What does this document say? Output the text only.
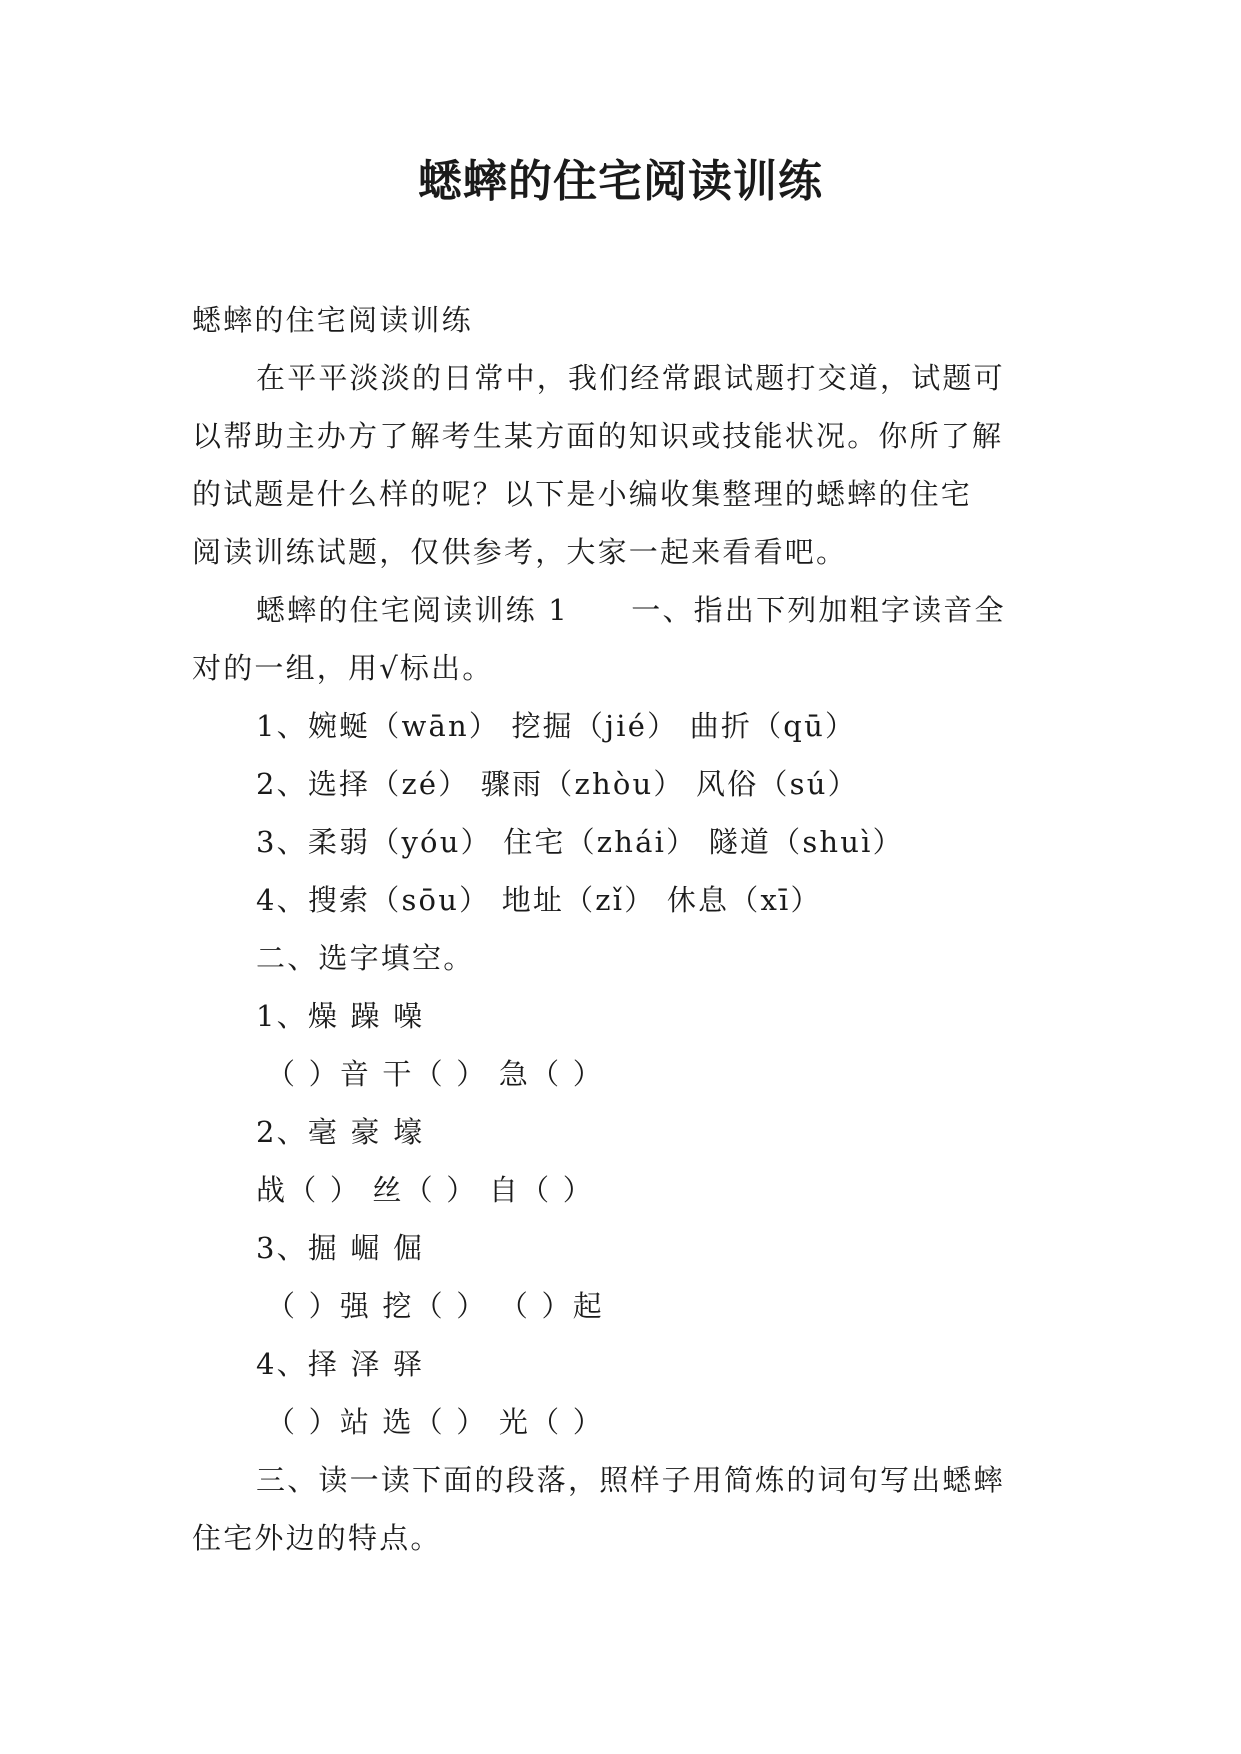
蟋蟀的住宅阅读训练
蟋蟀的住宅阅读训练
在平平淡淡的日常中，我们经常跟试题打交道，试题可
以帮助主办方了解考生某方面的知识或技能状况。你所了解
的试题是什么样的呢？以下是小编收集整理的蟋蟀的住宅
阅读训练试题，仅供参考，大家一起来看看吧。
蟋蟀的住宅阅读训练 1　　一、指出下列加粗字读音全
对的一组，用√标出。
1、婉蜒（wān） 挖掘（jié） 曲折（qū）
2、选择（zé） 骤雨（zhòu） 风俗（sú）
3、柔弱（yóu） 住宅（zhái） 隧道（shuì）
4、搜索（sōu） 地址（zǐ） 休息（xī）
二、选字填空。
1、燥 躁 噪
（ ）音 干（ ） 急（ ）
2、毫 豪 壕
战（ ） 丝（ ） 自（ ）
3、掘 崛 倔
（ ）强 挖（ ） （ ）起
4、择 泽 驿
（ ）站 选（ ） 光（ ）
三、读一读下面的段落，照样子用简炼的词句写出蟋蟀
住宅外边的特点。
